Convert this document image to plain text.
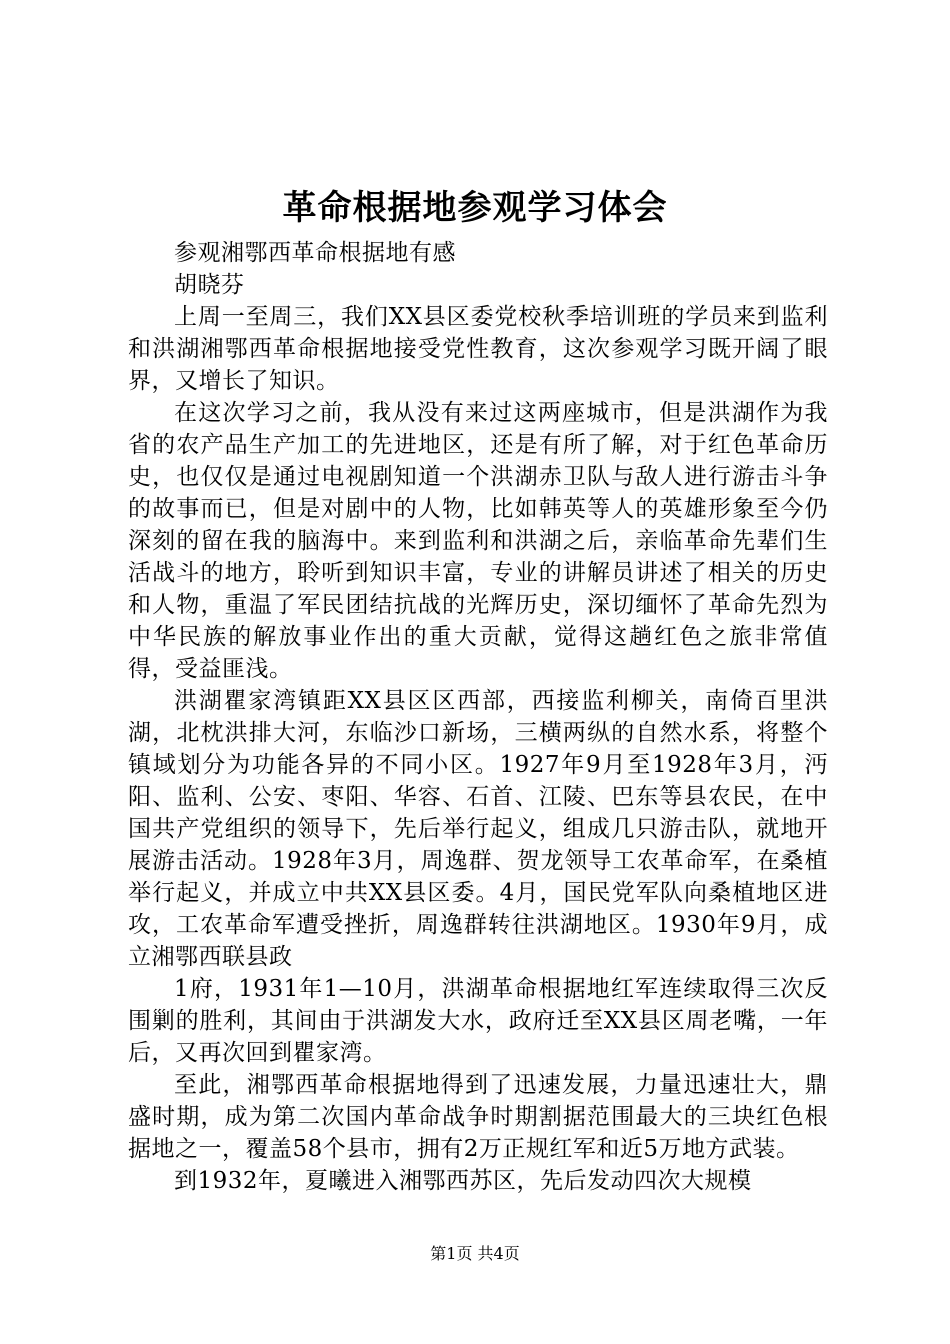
革命根据地参观学习体会

参观湘鄂西革命根据地有感

胡晓芬

上周一至周三，我们XX县区委党校秋季培训班的学员来到监利和洪湖湘鄂西革命根据地接受党性教育，这次参观学习既开阔了眼界，又增长了知识。

在这次学习之前，我从没有来过这两座城市，但是洪湖作为我省的农产品生产加工的先进地区，还是有所了解，对于红色革命历史，也仅仅是通过电视剧知道一个洪湖赤卫队与敌人进行游击斗争的故事而已，但是对剧中的人物，比如韩英等人的英雄形象至今仍深刻的留在我的脑海中。来到监利和洪湖之后，亲临革命先辈们生活战斗的地方，聆听到知识丰富，专业的讲解员讲述了相关的历史和人物，重温了军民团结抗战的光辉历史，深切缅怀了革命先烈为中华民族的解放事业作出的重大贡献，觉得这趟红色之旅非常值得，受益匪浅。

洪湖瞿家湾镇距XX县区区西部，西接监利柳关，南倚百里洪湖，北枕洪排大河，东临沙口新场，三横两纵的自然水系，将整个镇域划分为功能各异的不同小区。1927年9月至1928年3月，沔阳、监利、公安、枣阳、华容、石首、江陵、巴东等县农民，在中国共产党组织的领导下，先后举行起义，组成几只游击队，就地开展游击活动。1928年3月，周逸群、贺龙领导工农革命军，在桑植举行起义，并成立中共XX县区委。4月，国民党军队向桑植地区进攻，工农革命军遭受挫折，周逸群转往洪湖地区。1930年9月，成立湘鄂西联县政

1府，1931年1—10月，洪湖革命根据地红军连续取得三次反围剿的胜利，其间由于洪湖发大水，政府迁至XX县区周老嘴，一年后，又再次回到瞿家湾。

至此，湘鄂西革命根据地得到了迅速发展，力量迅速壮大，鼎盛时期，成为第二次国内革命战争时期割据范围最大的三块红色根据地之一，覆盖58个县市，拥有2万正规红军和近5万地方武装。

到1932年，夏曦进入湘鄂西苏区，先后发动四次大规模

第1页 共4页
